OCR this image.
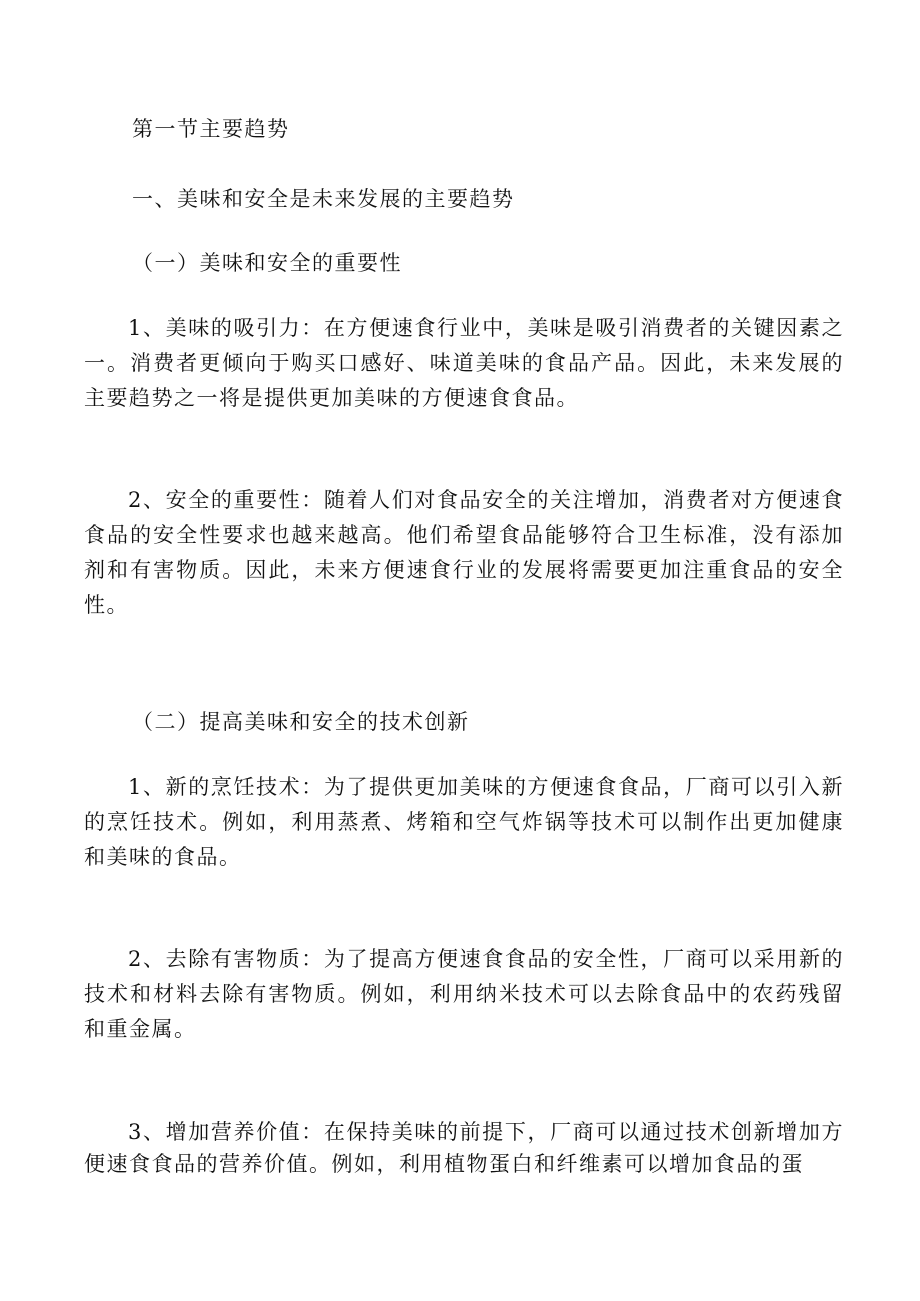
第一节主要趋势

一、美味和安全是未来发展的主要趋势

（一）美味和安全的重要性

1、美味的吸引力：在方便速食行业中，美味是吸引消费者的关键因素之一。消费者更倾向于购买口感好、味道美味的食品产品。因此，未来发展的主要趋势之一将是提供更加美味的方便速食食品。

2、安全的重要性：随着人们对食品安全的关注增加，消费者对方便速食食品的安全性要求也越来越高。他们希望食品能够符合卫生标准，没有添加剂和有害物质。因此，未来方便速食行业的发展将需要更加注重食品的安全性。

（二）提高美味和安全的技术创新

1、新的烹饪技术：为了提供更加美味的方便速食食品，厂商可以引入新的烹饪技术。例如，利用蒸煮、烤箱和空气炸锅等技术可以制作出更加健康和美味的食品。

2、去除有害物质：为了提高方便速食食品的安全性，厂商可以采用新的技术和材料去除有害物质。例如，利用纳米技术可以去除食品中的农药残留和重金属。

3、增加营养价值：在保持美味的前提下，厂商可以通过技术创新增加方便速食食品的营养价值。例如，利用植物蛋白和纤维素可以增加食品的蛋
